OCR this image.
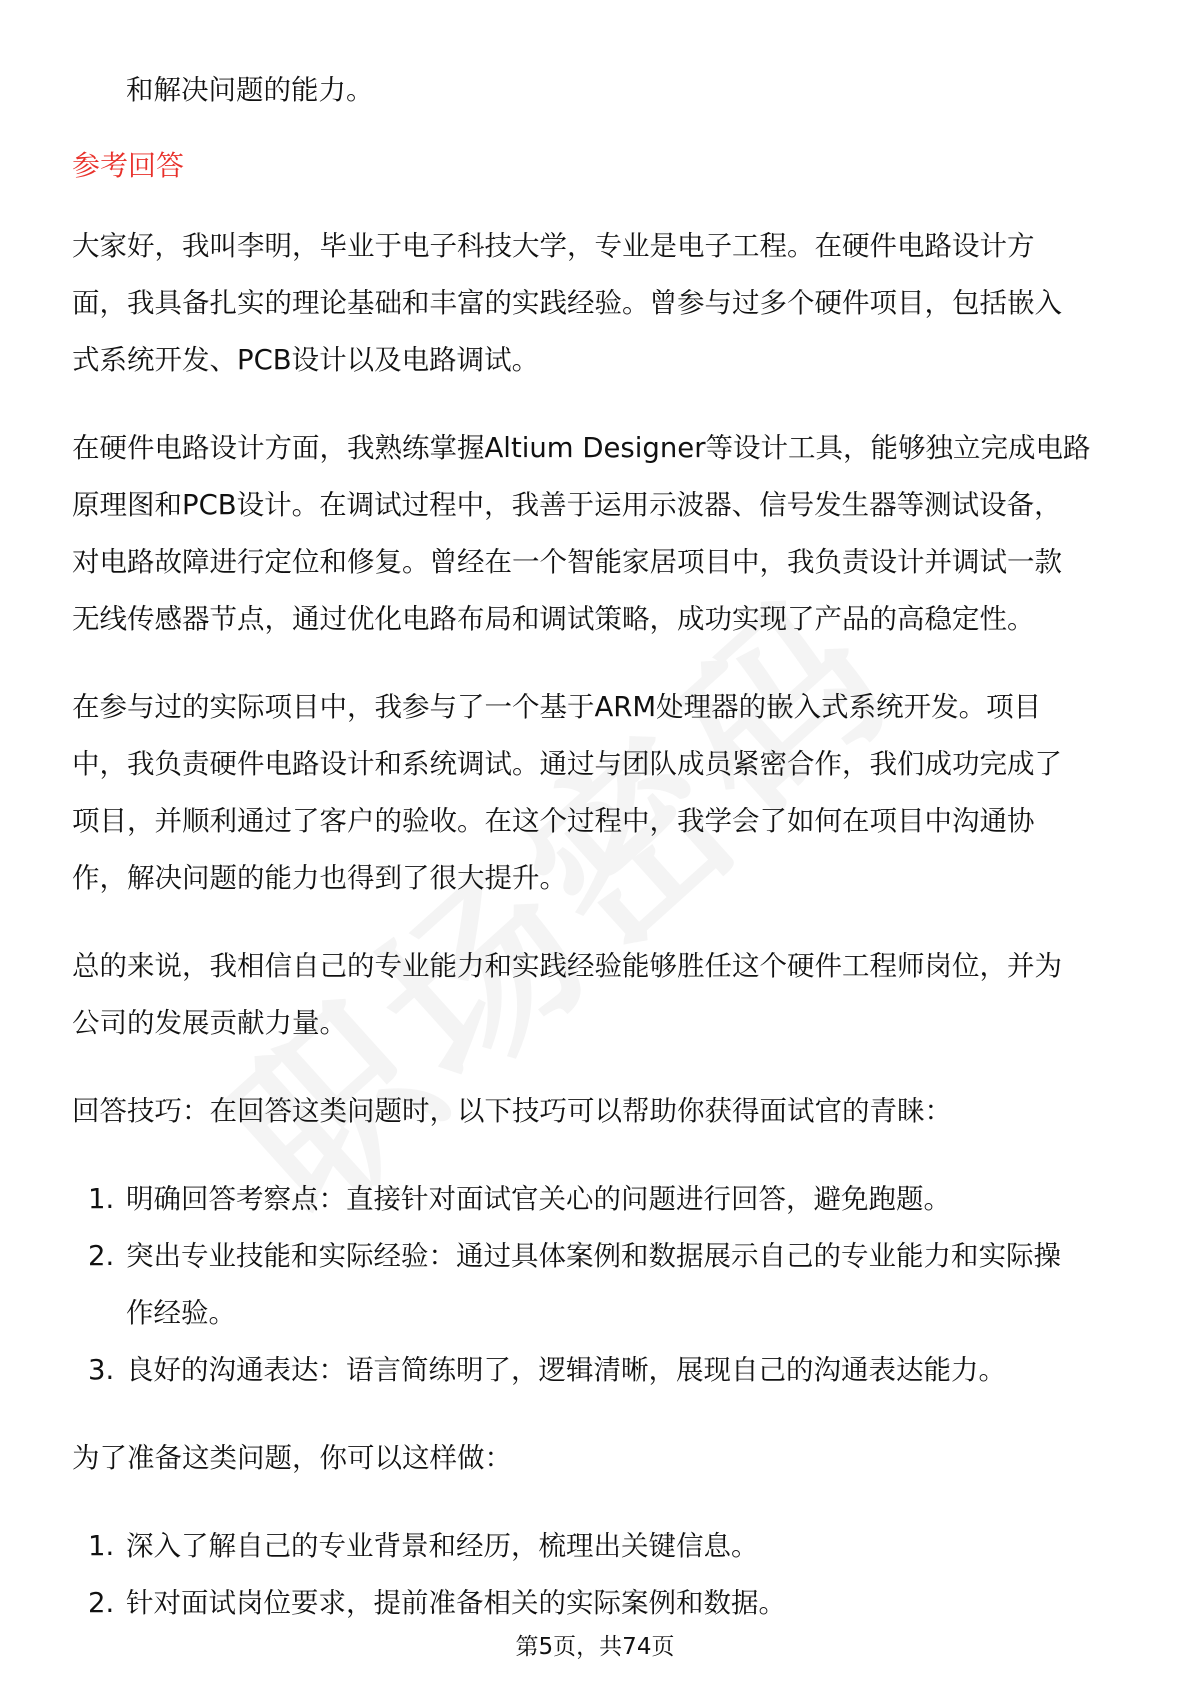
和解决问题的能力。

参考回答

大家好，我叫李明，毕业于电子科技大学，专业是电子工程。在硬件电路设计方

面，我具备扎实的理论基础和丰富的实践经验。曾参与过多个硬件项目，包括嵌入

式系统开发、PCB设计以及电路调试。

在硬件电路设计方面，我熟练掌握Altium Designer等设计工具，能够独立完成电路

原理图和PCB设计。在调试过程中，我善于运用示波器、信号发生器等测试设备，

对电路故障进行定位和修复。曾经在一个智能家居项目中，我负责设计并调试一款

无线传感器节点，通过优化电路布局和调试策略，成功实现了产品的高稳定性。

在参与过的实际项目中，我参与了一个基于ARM处理器的嵌入式系统开发。项目

中，我负责硬件电路设计和系统调试。通过与团队成员紧密合作，我们成功完成了

项目，并顺利通过了客户的验收。在这个过程中，我学会了如何在项目中沟通协

作，解决问题的能力也得到了很大提升。

总的来说，我相信自己的专业能力和实践经验能够胜任这个硬件工程师岗位，并为

公司的发展贡献力量。

回答技巧：在回答这类问题时，以下技巧可以帮助你获得面试官的青睐：

1. 明确回答考察点：直接针对面试官关心的问题进行回答，避免跑题。

2. 突出专业技能和实际经验：通过具体案例和数据展示自己的专业能力和实际操

作经验。

3. 良好的沟通表达：语言简练明了，逻辑清晰，展现自己的沟通表达能力。

为了准备这类问题，你可以这样做：

1. 深入了解自己的专业背景和经历，梳理出关键信息。

2. 针对面试岗位要求，提前准备相关的实际案例和数据。

第5页，共74页
